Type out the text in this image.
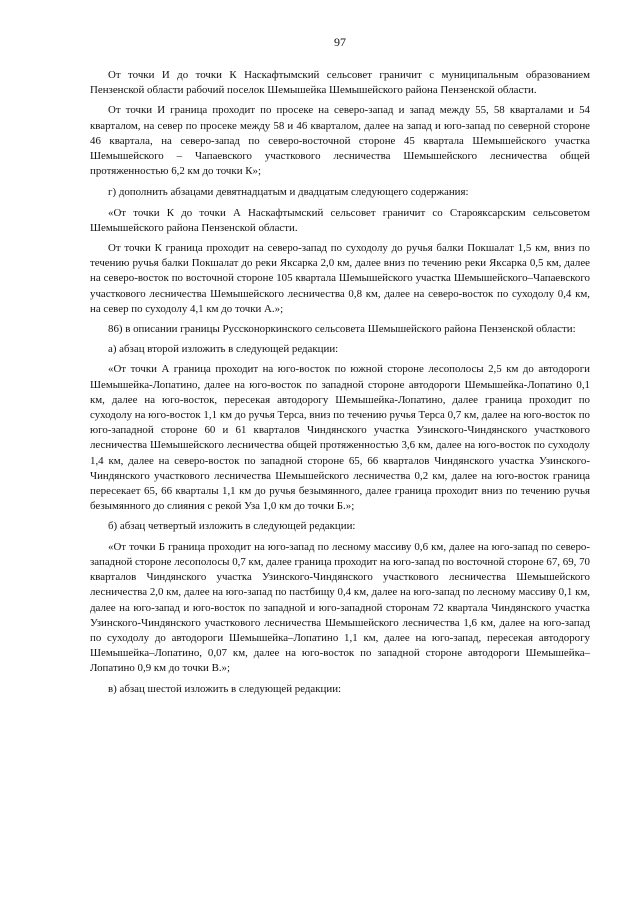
97

От точки И до точки К Наскафтымский сельсовет граничит с муниципальным образованием Пензенской области рабочий поселок Шемышейка Шемышейского района Пензенской области.

От точки И граница проходит по просеке на северо-запад и запад между 55, 58 кварталами и 54 кварталом, на север по просеке между 58 и 46 кварталом, далее на запад и юго-запад по северной стороне 46 квартала, на северо-запад по северо-восточной стороне 45 квартала Шемышейского участка Шемышейского – Чапаевского участкового лесничества Шемышейского лесничества общей протяженностью 6,2 км до точки К»;

г) дополнить абзацами девятнадцатым и двадцатым следующего содержания:

«От точки К до точки А Наскафтымский сельсовет граничит со Староякcарским сельсоветом Шемышейского района Пензенской области.

От точки К граница проходит на северо-запад по суходолу до ручья балки Покшалат 1,5 км, вниз по течению ручья балки Покшалат до реки Якcарка 2,0 км, далее вниз по течению реки Якcарка 0,5 км, далее на северо-восток по восточной стороне 105 квартала Шемышейского участка Шемышейского–Чапаевского участкового лесничества Шемышейского лесничества 0,8 км, далее на северо-восток по суходолу 0,4 км, на север по суходолу 4,1 км до точки А.»;

86) в описании границы Руссконоркинского сельсовета Шемышейского района Пензенской области:

а) абзац второй изложить в следующей редакции:

«От точки А граница проходит на юго-восток по южной стороне лесополосы 2,5 км до автодороги Шемышейка-Лопатино, далее на юго-восток по западной стороне автодороги Шемышейка-Лопатино 0,1 км, далее на юго-восток, пересекая автодорогу Шемышейка-Лопатино, далее граница проходит по суходолу на юго-восток 1,1 км до ручья Терса, вниз по течению ручья Терса 0,7 км, далее на юго-восток по юго-западной стороне 60 и 61 кварталов Чиндянского участка Узинского-Чиндянского участкового лесничества Шемышейского лесничества общей протяженностью 3,6 км, далее на юго-восток по суходолу 1,4 км, далее на северо-восток по западной стороне 65, 66 кварталов Чиндянского участка Узинского-Чиндянского участкового лесничества Шемышейского лесничества 0,2 км, далее на юго-восток граница пересекает 65, 66 кварталы 1,1 км до ручья безымянного, далее граница проходит вниз по течению ручья безымянного до слияния с рекой Уза 1,0 км до точки Б.»;

б) абзац четвертый изложить в следующей редакции:

«От точки Б граница проходит на юго-запад по лесному массиву 0,6 км, далее на юго-запад по северо-западной стороне лесополосы 0,7 км, далее граница проходит на юго-запад по восточной стороне 67, 69, 70 кварталов Чиндянского участка Узинского-Чиндянского участкового лесничества Шемышейского лесничества 2,0 км, далее на юго-запад по пастбищу 0,4 км, далее на юго-запад по лесному массиву 0,1 км, далее на юго-запад и юго-восток по западной и юго-западной сторонам 72 квартала Чиндянского участка Узинского-Чиндянского участкового лесничества Шемышейского лесничества 1,6 км, далее на юго-запад по суходолу до автодороги Шемышейка–Лопатино 1,1 км, далее на юго-запад, пересекая автодорогу Шемышейка–Лопатино, 0,07 км, далее на юго-восток по западной стороне автодороги Шемышейка–Лопатино 0,9 км до точки В.»;

в) абзац шестой изложить в следующей редакции:
